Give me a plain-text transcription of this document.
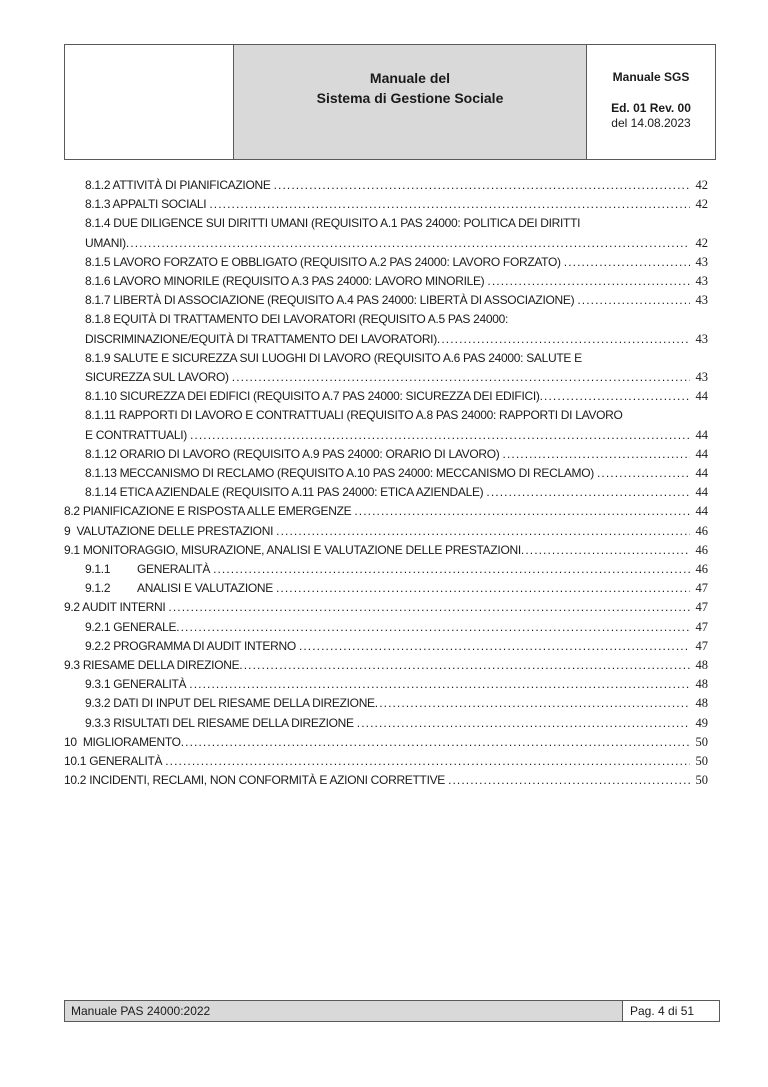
Manuale del
Sistema di Gestione Sociale
Manuale SGS
Ed. 01 Rev. 00
del 14.08.2023
8.1.2 ATTIVITÀ DI PIANIFICAZIONE .....	42
8.1.3 APPALTI SOCIALI .....	42
8.1.4 DUE DILIGENCE SUI DIRITTI UMANI (REQUISITO A.1 PAS 24000: POLITICA DEI DIRITTI
UMANI) .....	42
8.1.5 LAVORO FORZATO E OBBLIGATO (REQUISITO A.2 PAS 24000: LAVORO FORZATO) .....	43
8.1.6 LAVORO MINORILE (REQUISITO A.3 PAS 24000: LAVORO MINORILE) .....	43
8.1.7 LIBERTÀ DI ASSOCIAZIONE (REQUISITO A.4 PAS 24000: LIBERTÀ DI ASSOCIAZIONE) .....	43
8.1.8 EQUITÀ DI TRATTAMENTO DEI LAVORATORI (REQUISITO A.5 PAS 24000:
DISCRIMINAZIONE/EQUITÀ DI TRATTAMENTO DEI LAVORATORI) .....	43
8.1.9 SALUTE E SICUREZZA SUI LUOGHI DI LAVORO (REQUISITO A.6 PAS 24000: SALUTE E
SICUREZZA SUL LAVORO) .....	43
8.1.10 SICUREZZA DEI EDIFICI (REQUISITO A.7 PAS 24000: SICUREZZA DEI EDIFICI) .....	44
8.1.11 RAPPORTI DI LAVORO E CONTRATTUALI (REQUISITO A.8 PAS 24000: RAPPORTI DI LAVORO
E CONTRATTUALI) .....	44
8.1.12 ORARIO DI LAVORO (REQUISITO A.9 PAS 24000: ORARIO DI LAVORO) .....	44
8.1.13 MECCANISMO DI RECLAMO (REQUISITO A.10 PAS 24000: MECCANISMO DI RECLAMO) .....	44
8.1.14 ETICA AZIENDALE (REQUISITO A.11 PAS 24000: ETICA AZIENDALE) .....	44
8.2 PIANIFICAZIONE E RISPOSTA ALLE EMERGENZE .....	44
9  VALUTAZIONE DELLE PRESTAZIONI .....	46
9.1 MONITORAGGIO, MISURAZIONE, ANALISI E VALUTAZIONE DELLE PRESTAZIONI .....	46
9.1.1 GENERALITÀ .....	46
9.1.2 ANALISI E VALUTAZIONE .....	47
9.2 AUDIT INTERNI .....	47
9.2.1 GENERALE .....	47
9.2.2 PROGRAMMA DI AUDIT INTERNO .....	47
9.3 RIESAME DELLA DIREZIONE .....	48
9.3.1 GENERALITÀ .....	48
9.3.2 DATI DI INPUT DEL RIESAME DELLA DIREZIONE .....	48
9.3.3 RISULTATI DEL RIESAME DELLA DIREZIONE .....	49
10  MIGLIORAMENTO .....	50
10.1 GENERALITÀ .....	50
10.2 INCIDENTI, RECLAMI, NON CONFORMITÀ E AZIONI CORRETTIVE .....	50
Manuale PAS 24000:2022	Pag. 4 di 51
